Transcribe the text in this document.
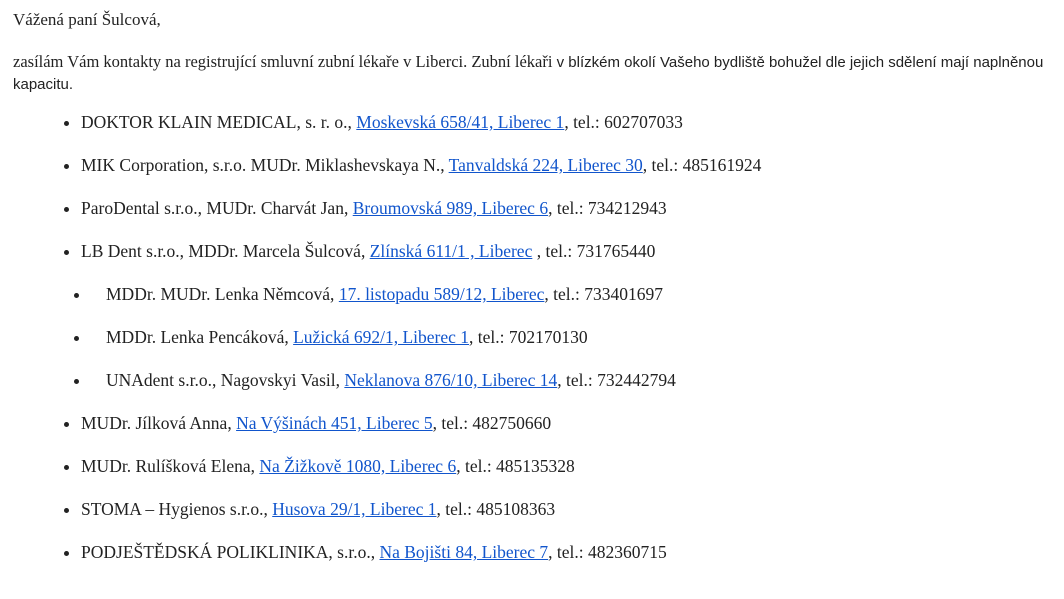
Vážená paní Šulcová,

zasílám Vám kontakty na registrující smluvní zubní lékaře v Liberci. Zubní lékaři v blízkém okolí Vašeho bydliště bohužel dle jejich sdělení mají naplněnou kapacitu.

DOKTOR KLAIN MEDICAL, s. r. o., Moskevská 658/41, Liberec 1, tel.: 602707033

MIK Corporation, s.r.o. MUDr. Miklashevskaya N., Tanvaldská 224, Liberec 30, tel.: 485161924

ParoDental s.r.o., MUDr. Charvát Jan, Broumovská 989, Liberec 6, tel.: 734212943

LB Dent s.r.o., MDDr. Marcela Šulcová, Zlínská 611/1 , Liberec , tel.: 731765440

MDDr. MUDr. Lenka Němcová, 17. listopadu 589/12, Liberec, tel.: 733401697

MDDr. Lenka Pencáková, Lužická 692/1, Liberec 1, tel.: 702170130

UNAdent s.r.o., Nagovskyi Vasil, Neklanova 876/10, Liberec 14, tel.: 732442794

MUDr. Jílková Anna, Na Výšinách 451, Liberec 5, tel.: 482750660

MUDr. Rulíšková Elena, Na Žižkově 1080, Liberec 6, tel.: 485135328

STOMA – Hygienos s.r.o., Husova 29/1, Liberec 1, tel.: 485108363

PODJEŠTĚDSKÁ POLIKLINIKA, s.r.o., Na Bojišti 84, Liberec 7, tel.: 482360715
